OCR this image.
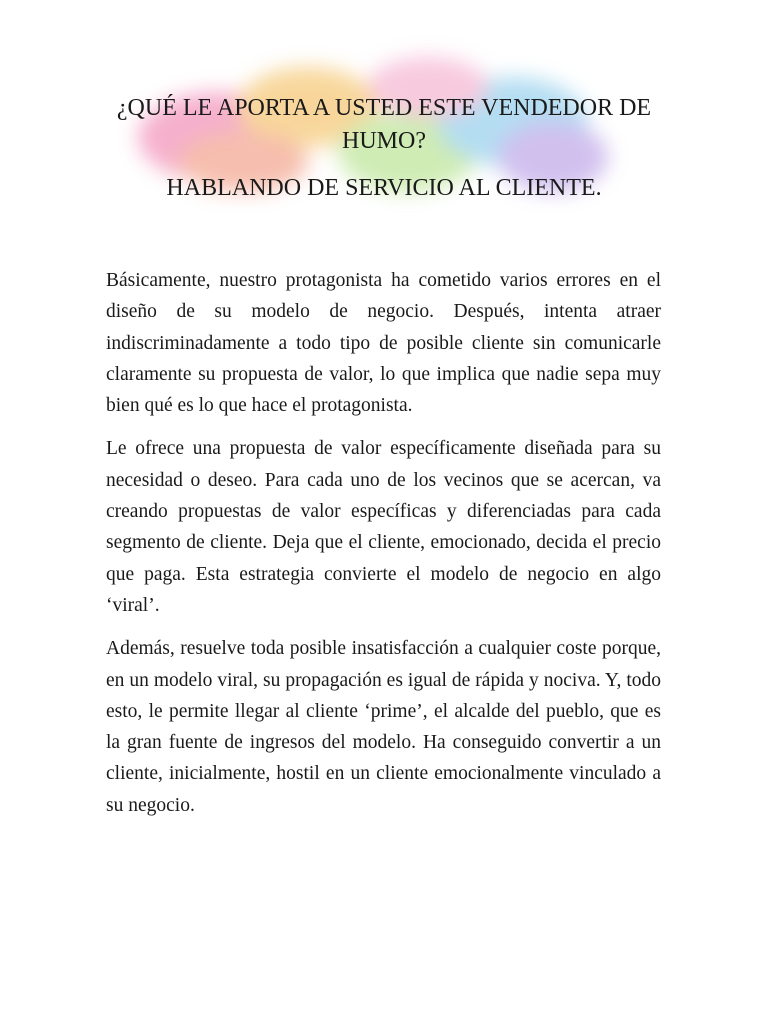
¿QUÉ LE APORTA A USTED ESTE VENDEDOR DE HUMO?
HABLANDO DE SERVICIO AL CLIENTE.

Básicamente, nuestro protagonista ha cometido varios errores en el diseño de su modelo de negocio. Después, intenta atraer indiscriminadamente a todo tipo de posible cliente sin comunicarle claramente su propuesta de valor, lo que implica que nadie sepa muy bien qué es lo que hace el protagonista.

Le ofrece una propuesta de valor específicamente diseñada para su necesidad o deseo. Para cada uno de los vecinos que se acercan, va creando propuestas de valor específicas y diferenciadas para cada segmento de cliente. Deja que el cliente, emocionado, decida el precio que paga. Esta estrategia convierte el modelo de negocio en algo ‘viral’.

Además, resuelve toda posible insatisfacción a cualquier coste porque, en un modelo viral, su propagación es igual de rápida y nociva. Y, todo esto, le permite llegar al cliente ‘prime’, el alcalde del pueblo, que es la gran fuente de ingresos del modelo. Ha conseguido convertir a un cliente, inicialmente, hostil en un cliente emocionalmente vinculado a su negocio.
